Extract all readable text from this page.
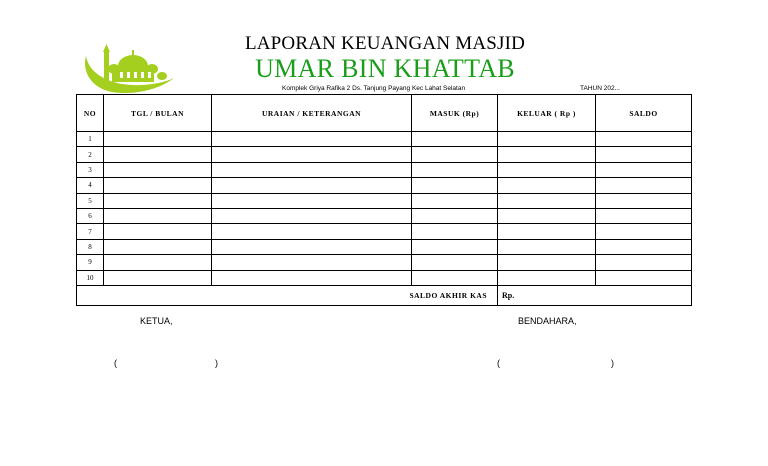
LAPORAN KEUANGAN MASJID
UMAR BIN KHATTAB
Komplek Griya Rafika 2 Ds. Tanjung Payang Kec Lahat Selatan	TAHUN 202...
NO	TGL / BULAN	URAIAN / KETERANGAN	MASUK (Rp)	KELUAR ( Rp )	SALDO
1					
2					
3					
4					
5					
6					
7					
8					
9					
10					
SALDO AKHIR KAS				Rp.	
KETUA,	BENDAHARA,
(	)	(	)
